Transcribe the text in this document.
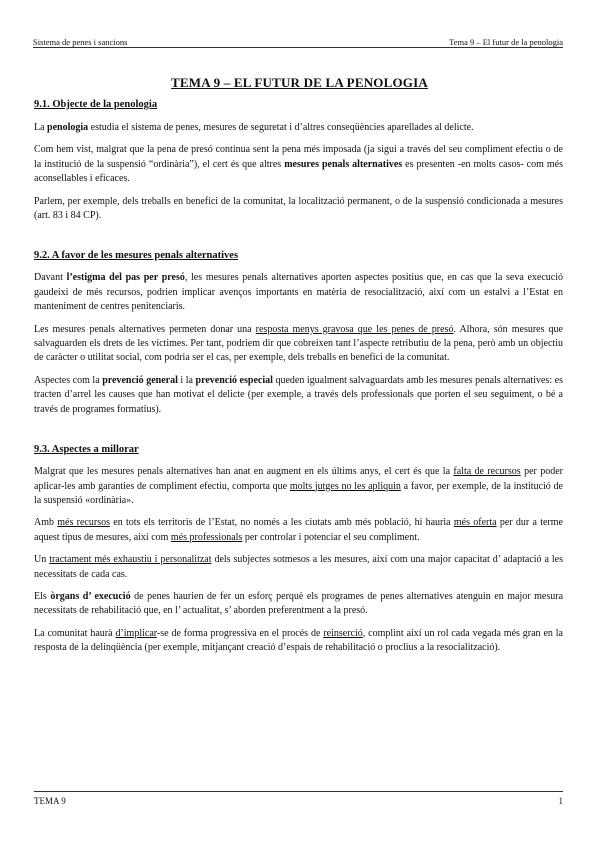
Sistema de penes i sancions	Tema 9 – El futur de la penologia
TEMA 9 – EL FUTUR DE LA PENOLOGIA
9.1. Objecte de la penologia

La penologia estudia el sistema de penes, mesures de seguretat i d’altres conseqüències aparellades al delicte.

Com hem vist, malgrat que la pena de presó continua sent la pena més imposada (ja sigui a través del seu compliment efectiu o de la institució de la suspensió “ordinària”), el cert és que altres mesures penals alternatives es presenten -en molts casos- com més aconsellables i eficaces.

Parlem, per exemple, dels treballs en benefici de la comunitat, la localització permanent, o de la suspensió condicionada a mesures (art. 83 i 84 CP).

9.2. A favor de les mesures penals alternatives

Davant l’estigma del pas per presó, les mesures penals alternatives aporten aspectes positius que, en cas que la seva execució gaudeixi de més recursos, podrien implicar avenços importants en matèria de resocialització, així com un estalvi a l’Estat en manteniment de centres penitenciaris.

Les mesures penals alternatives permeten donar una resposta menys gravosa que les penes de presó. Alhora, són mesures que salvaguarden els drets de les víctimes. Per tant, podriem dir que cobreixen tant l’aspecte retributiu de la pena, però amb un objectiu de caràcter o utilitat social, com podria ser el cas, per exemple, dels treballs en benefici de la comunitat.

Aspectes com la prevenció general i la prevenció especial queden igualment salvaguardats amb les mesures penals alternatives: es tracten d’arrel les causes que han motivat el delicte (per exemple, a través dels professionals que porten el seu seguiment, o bé a través de programes formatius).

9.3. Aspectes a millorar

Malgrat que les mesures penals alternatives han anat en augment en els últims anys, el cert és que la falta de recursos per poder aplicar-les amb garanties de compliment efectiu, comporta que molts jutges no les apliquin a favor, per exemple, de la institució de la suspensió «ordinària».

Amb més recursos en tots els territoris de l’Estat, no només a les ciutats amb més població, hi hauria més oferta per dur a terme aquest tipus de mesures, així com més professionals per controlar i potenciar el seu compliment.

Un tractament més exhaustiu i personalitzat dels subjectes sotmesos a les mesures, així com una major capacitat d’ adaptació a les necessitats de cada cas.

Els òrgans d’ execució de penes haurien de fer un esforç perquè els programes de penes alternatives atenguin en major mesura necessitats de rehabilitació que, en l’ actualitat, s’ aborden preferentment a la presó.

La comunitat haurà d’implicar-se de forma progressiva en el procés de reinserció, complint així un rol cada vegada més gran en la resposta de la delinqüència (per exemple, mitjançant creació d’espais de rehabilitació o proclius a la resocialització).

TEMA 9	1
